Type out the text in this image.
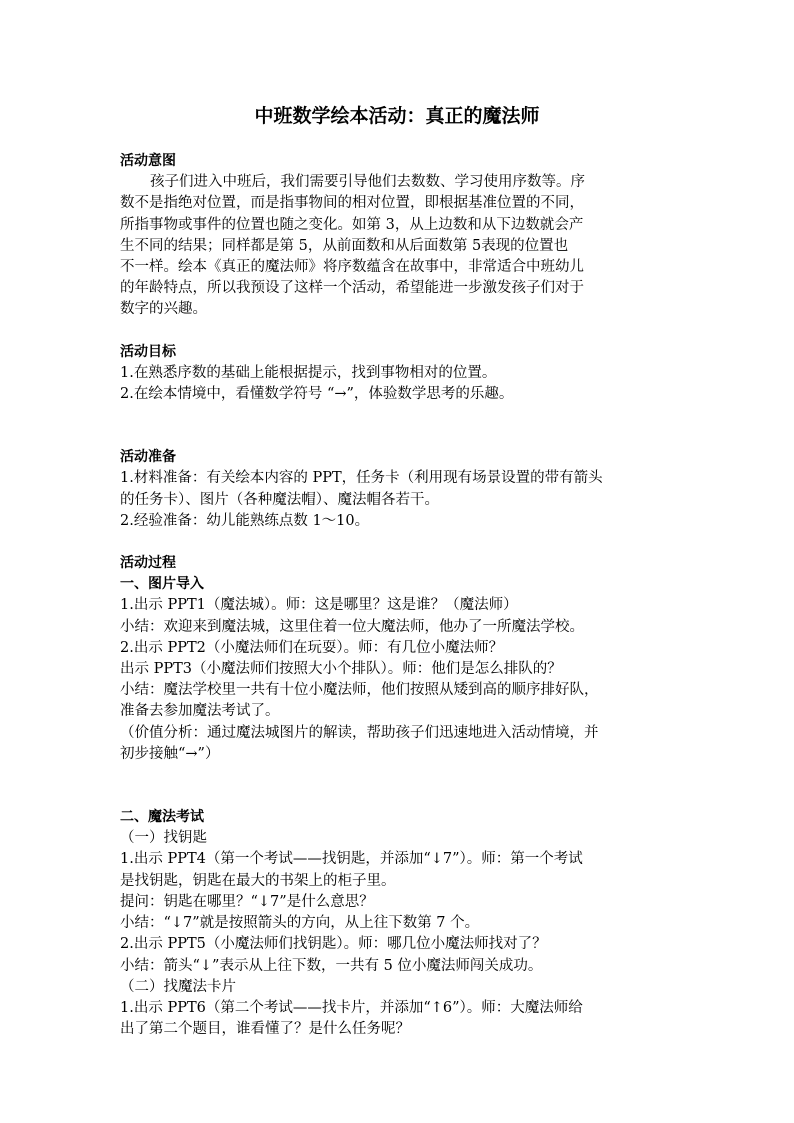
中班数学绘本活动：真正的魔法师
活动意图
孩子们进入中班后，我们需要引导他们去数数、学习使用序数等。序
数不是指绝对位置，而是指事物间的相对位置，即根据基准位置的不同，
所指事物或事件的位置也随之变化。如第 3，从上边数和从下边数就会产
生不同的结果；同样都是第 5，从前面数和从后面数第 5表现的位置也
不一样。绘本《真正的魔法师》将序数蕴含在故事中，非常适合中班幼儿
的年龄特点，所以我预设了这样一个活动，希望能进一步激发孩子们对于
数字的兴趣。
活动目标
1.在熟悉序数的基础上能根据提示，找到事物相对的位置。
2.在绘本情境中，看懂数学符号 “→”，体验数学思考的乐趣。
活动准备
1.材料准备：有关绘本内容的 PPT，任务卡（利用现有场景设置的带有箭头
的任务卡）、图片（各种魔法帽）、魔法帽各若干。
2.经验准备：幼儿能熟练点数 1～10。
活动过程
一、图片导入
1.出示 PPT1（魔法城）。师：这是哪里？这是谁？（魔法师）
小结：欢迎来到魔法城，这里住着一位大魔法师，他办了一所魔法学校。
2.出示 PPT2（小魔法师们在玩耍）。师：有几位小魔法师？
出示 PPT3（小魔法师们按照大小个排队）。师：他们是怎么排队的？
小结：魔法学校里一共有十位小魔法师，他们按照从矮到高的顺序排好队，
准备去参加魔法考试了。
（价值分析：通过魔法城图片的解读，帮助孩子们迅速地进入活动情境，并
初步接触“→”）
二、魔法考试
（一）找钥匙
1.出示 PPT4（第一个考试——找钥匙，并添加“↓7”）。师：第一个考试
是找钥匙，钥匙在最大的书架上的柜子里。
提问：钥匙在哪里？“↓7”是什么意思？
小结：“↓7”就是按照箭头的方向，从上往下数第 7 个。
2.出示 PPT5（小魔法师们找钥匙）。师：哪几位小魔法师找对了？
小结：箭头“↓”表示从上往下数，一共有 5 位小魔法师闯关成功。
（二）找魔法卡片
1.出示 PPT6（第二个考试——找卡片，并添加“↑6”）。师：大魔法师给
出了第二个题目，谁看懂了？是什么任务呢？
